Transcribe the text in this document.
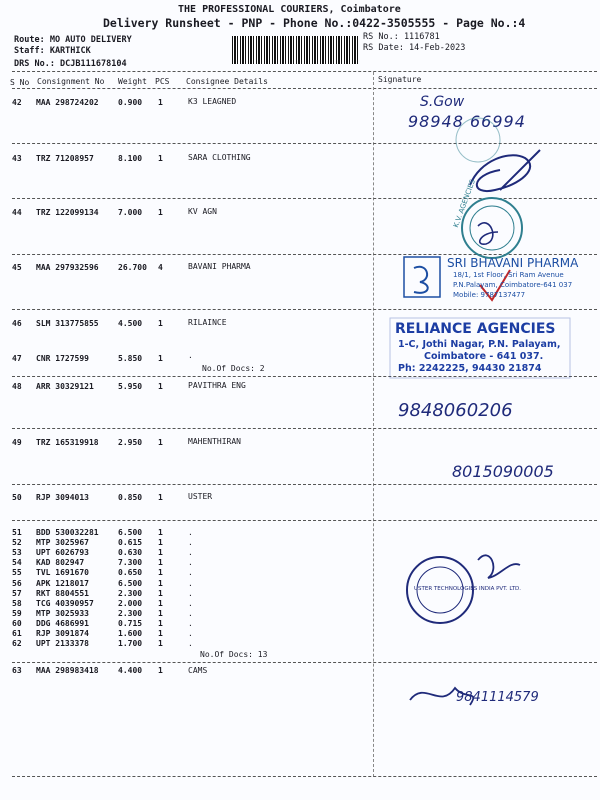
THE PROFESSIONAL COURIERS, Coimbatore
Delivery Runsheet - PNP - Phone No.:0422-3505555 - Page No.:4
Route: MO AUTO DELIVERY
Staff: KARTHICK
DRS No.: DCJB111678104
RS No.: 1116781
RS Date: 14-Feb-2023
S No Consignment No Weight PCS Consignee Details	Signature
42 MAA 298724202 0.900 1	K3 LEAGNED
43 TRZ 71208957	8.100 1	SARA CLOTHING
44 TRZ 122099134 7.000 1	KV AGN
45 MAA 297932596 26.700 4	BAVANI PHARMA
46 SLM 313775855 4.500 1	RILAINCE
47 CNR 1727599	5.850 1	.
No.Of Docs: 2
48 ARR 30329121	5.950 1	PAVITHRA ENG
49 TRZ 165319918 2.950 1	MAHENTHIRAN
50 RJP 3094013	0.850 1	USTER
51 BDD 530032281 6.500 1	.
52 MTP 3025967	0.615 1	.
53 UPT 6026793	0.630 1	.
54 KAD 802947	7.300 1	.
55 TVL 1691670	0.650 1	.
56 APK 1218017	6.500 1	.
57 RKT 8804551	2.300 1	.
58 TCG 40390957	2.000 1	.
59 MTP 3025933	2.300 1	.
60 DDG 4686991	0.715 1	.
61 RJP 3091874	1.600 1	.
62 UPT 2133378	1.700 1	.
No.Of Docs: 13
63 MAA 298983418 4.400 1	CAMS
S.Gow
98948 66994
K.V. AGENCIES
SRI BHAVANI PHARMA
18/1, 1st Floor, Sri Ram Avenue
P.N.Palayam, Coimbatore-641 037
Mobile: 9787137477
RELIANCE AGENCIES
1-C, Jothi Nagar, P.N. Palayam,
Coimbatore - 641 037.
Ph: 2242225, 94430 21874
9848060206
8015090005
USTER TECHNOLOGIES INDIA PVT. LTD.
9841114579
